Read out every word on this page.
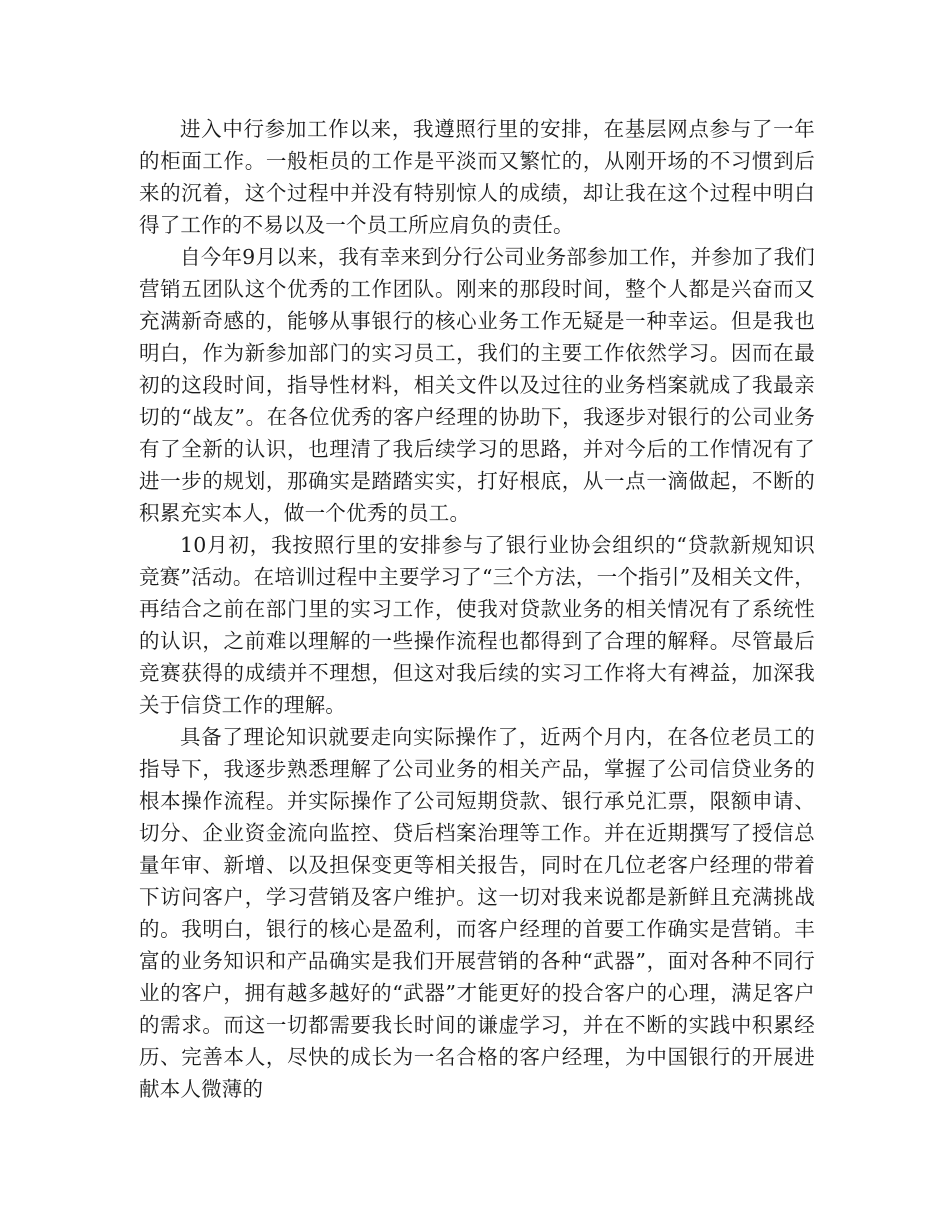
进入中行参加工作以来，我遵照行里的安排，在基层网点参与了一年的柜面工作。一般柜员的工作是平淡而又繁忙的，从刚开场的不习惯到后来的沉着，这个过程中并没有特别惊人的成绩，却让我在这个过程中明白得了工作的不易以及一个员工所应肩负的责任。

自今年9月以来，我有幸来到分行公司业务部参加工作，并参加了我们营销五团队这个优秀的工作团队。刚来的那段时间，整个人都是兴奋而又充满新奇感的，能够从事银行的核心业务工作无疑是一种幸运。但是我也明白，作为新参加部门的实习员工，我们的主要工作依然学习。因而在最初的这段时间，指导性材料，相关文件以及过往的业务档案就成了我最亲切的“战友”。在各位优秀的客户经理的协助下，我逐步对银行的公司业务有了全新的认识，也理清了我后续学习的思路，并对今后的工作情况有了进一步的规划，那确实是踏踏实实，打好根底，从一点一滴做起，不断的积累充实本人，做一个优秀的员工。

10月初，我按照行里的安排参与了银行业协会组织的“贷款新规知识竞赛”活动。在培训过程中主要学习了“三个方法，一个指引”及相关文件，再结合之前在部门里的实习工作，使我对贷款业务的相关情况有了系统性的认识，之前难以理解的一些操作流程也都得到了合理的解释。尽管最后竞赛获得的成绩并不理想，但这对我后续的实习工作将大有裨益，加深我关于信贷工作的理解。

具备了理论知识就要走向实际操作了，近两个月内，在各位老员工的指导下，我逐步熟悉理解了公司业务的相关产品，掌握了公司信贷业务的根本操作流程。并实际操作了公司短期贷款、银行承兑汇票，限额申请、切分、企业资金流向监控、贷后档案治理等工作。并在近期撰写了授信总量年审、新增、以及担保变更等相关报告，同时在几位老客户经理的带着下访问客户，学习营销及客户维护。这一切对我来说都是新鲜且充满挑战的。我明白，银行的核心是盈利，而客户经理的首要工作确实是营销。丰富的业务知识和产品确实是我们开展营销的各种“武器”，面对各种不同行业的客户，拥有越多越好的“武器”才能更好的投合客户的心理，满足客户的需求。而这一切都需要我长时间的谦虚学习，并在不断的实践中积累经历、完善本人，尽快的成长为一名合格的客户经理，为中国银行的开展进献本人微薄的
